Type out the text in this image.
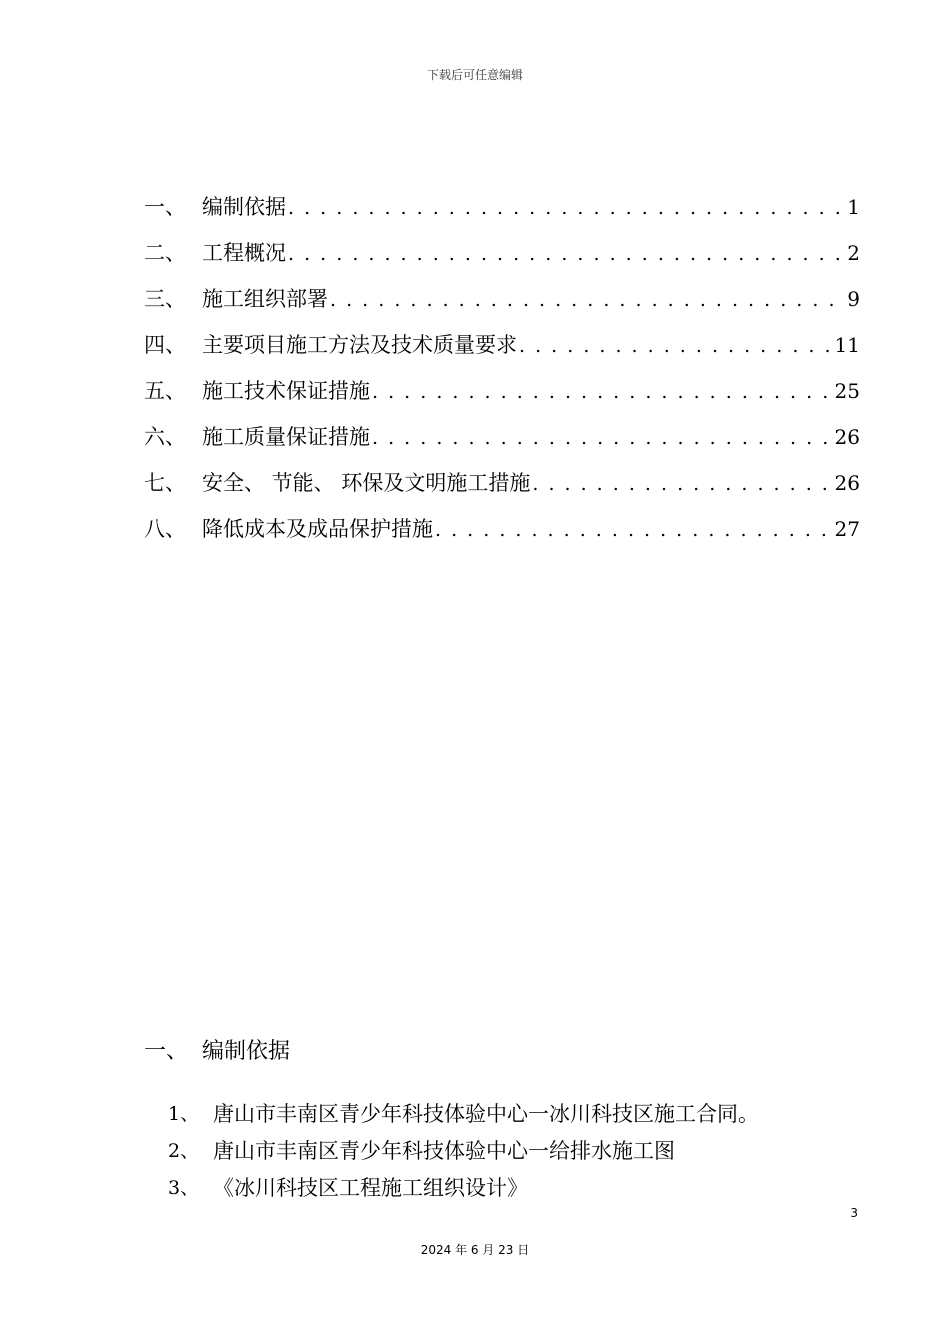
下载后可任意编辑
一、 编制依据 . . .	1
二、 工程概况 . . .	2
三、 施工组织部署 . . .	9
四、 主要项目施工方法及技术质量要求 . . .	11
五、 施工技术保证措施 . . .	25
六、 施工质量保证措施 . . .	26
七、 安全、 节能、 环保及文明施工措施 . . .	26
八、 降低成本及成品保护措施 . . .	27
一、 编制依据
1、 唐山市丰南区青少年科技体验中心一冰川科技区施工合同。
2、 唐山市丰南区青少年科技体验中心一给排水施工图
3、 《冰川科技区工程施工组织设计》
3
2024 年 6 月 23 日
